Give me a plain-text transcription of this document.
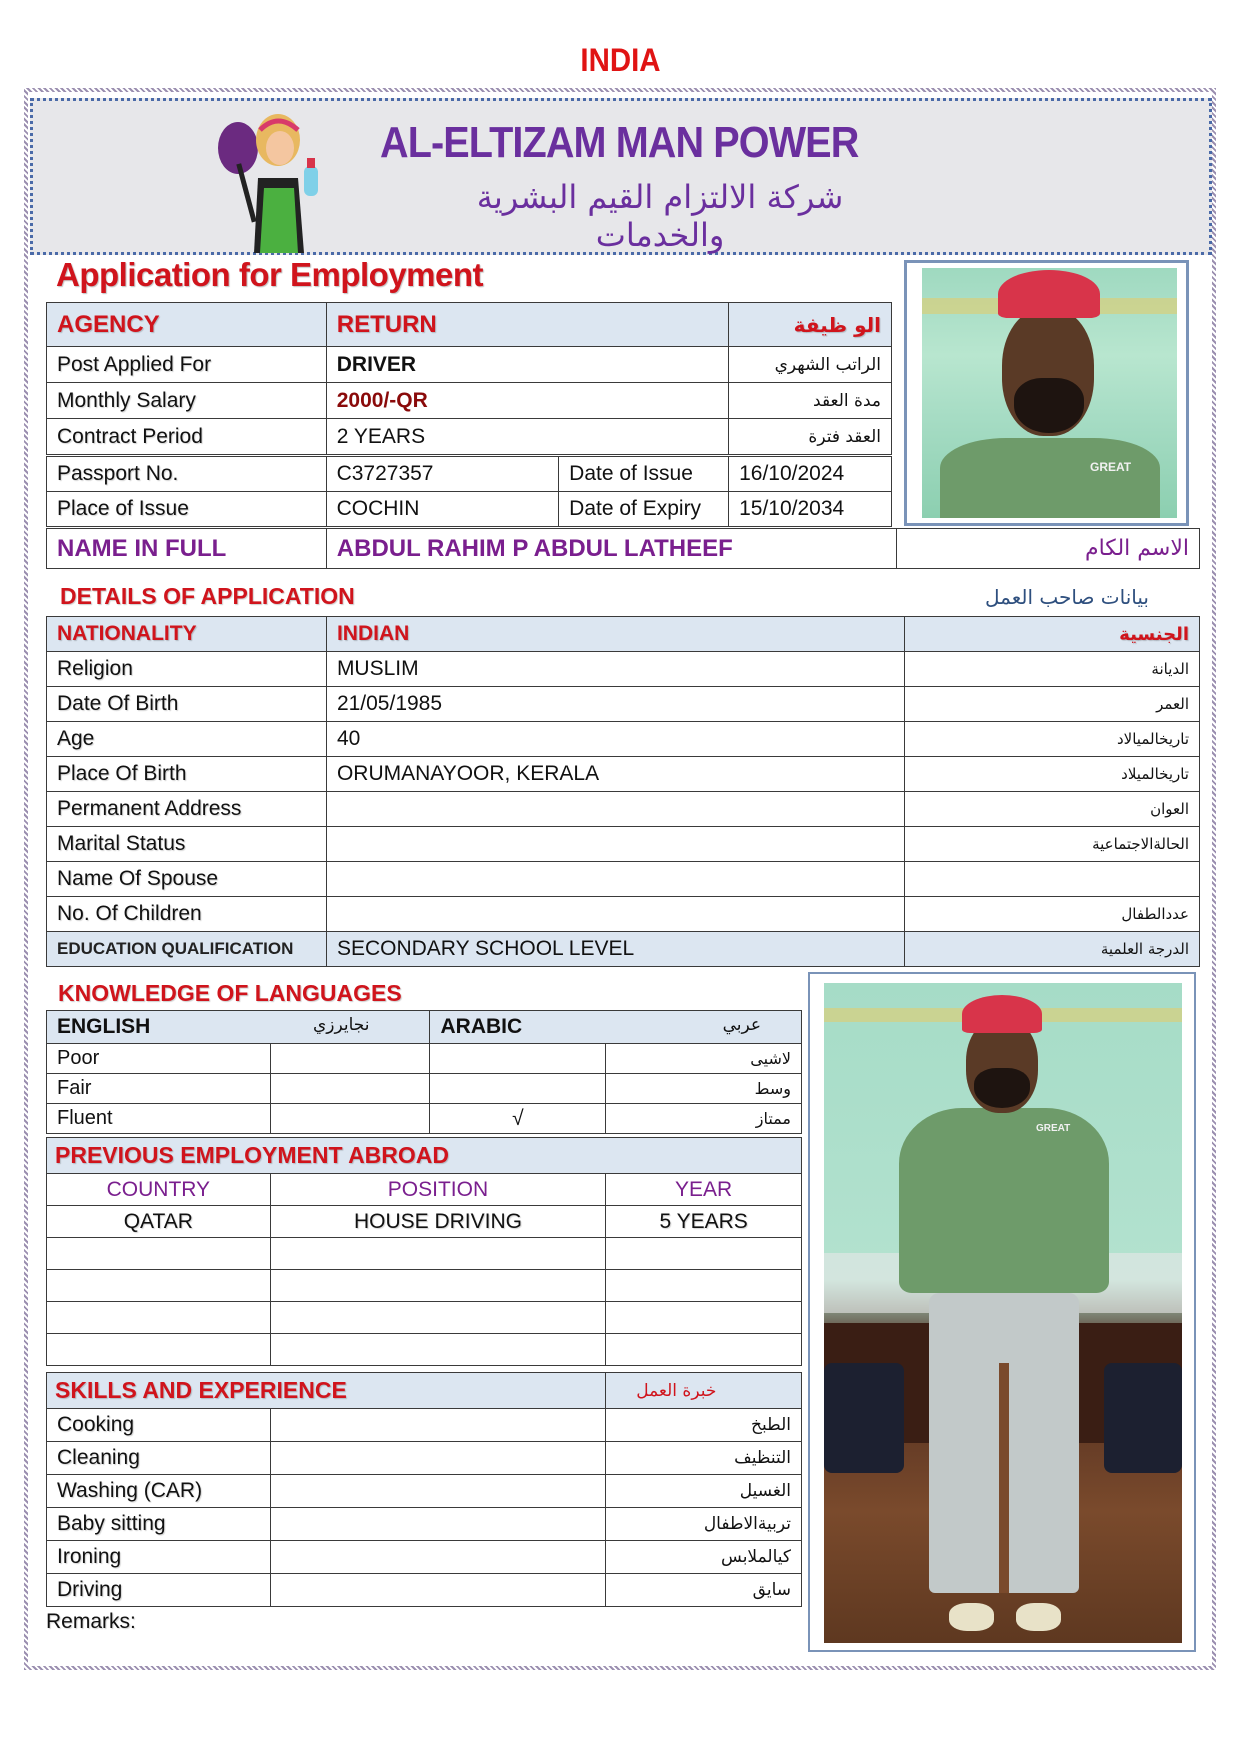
INDIA
AL-ELTIZAM MAN POWER
شركة الالتزام القيم البشرية والخدمات
Application for Employment
AGENCY	RETURN	الو ظيفة
Post Applied For	DRIVER	الراتب الشهري
Monthly Salary	2000/-QR	مدة العقد
Contract Period	2 YEARS	العقد فترة
Passport No.	C3727357	Date of Issue	16/10/2024
Place of Issue	COCHIN	Date of Expiry	15/10/2034
GREAT
NAME IN FULL	ABDUL RAHIM P ABDUL LATHEEF	الاسم الكام
DETAILS OF APPLICATION	بيانات صاحب العمل
NATIONALITY	INDIAN	الجنسية
Religion	MUSLIM	الديانة
Date Of Birth	21/05/1985	العمر
Age	40	تاريخالميالاد
Place Of Birth	ORUMANAYOOR, KERALA	تاريخالميلاد
Permanent Address		العوان
Marital Status		الحالةالاجتماعية
Name Of Spouse		
No. Of Children		عددالطفال
EDUCATION QUALIFICATION	SECONDARY SCHOOL LEVEL	الدرجة العلمية
KNOWLEDGE OF LANGUAGES
ENGLISH نجايرزي		ARABIC عربي	

Poor			لاشيى
Fair			وسط
Fluent		√	ممتاز
PREVIOUS EMPLOYMENT ABROAD		
COUNTRY	POSITION	YEAR
QATAR	HOUSE DRIVING	5 YEARS

SKILLS AND EXPERIENCE		خبرة العمل
Cooking		الطبخ
Cleaning		التنظيف
Washing (CAR)		الغسيل
Baby sitting		تربيةالاطفال
Ironing		كيالملابس
Driving		سايق
Remarks:
GREAT
